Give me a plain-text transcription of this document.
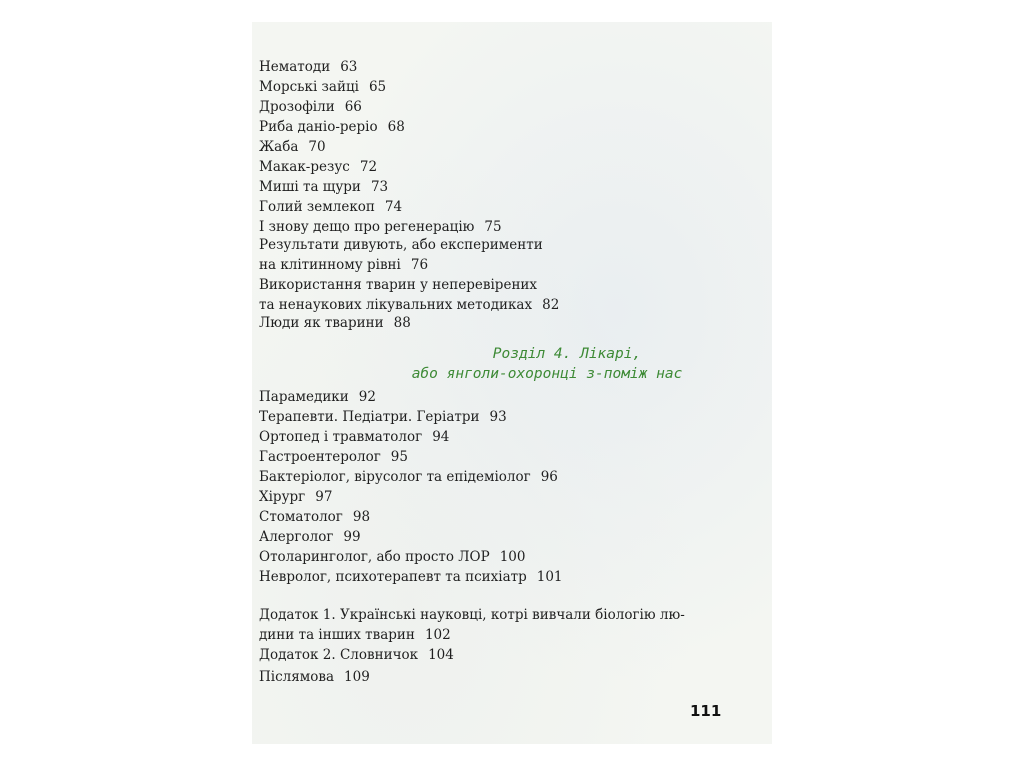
Нематоди 63
Морські зайці 65
Дрозофіли 66
Риба даніо-реріо 68
Жаба 70
Макак-резус 72
Миші та щури 73
Голий землекоп 74
І знову дещо про регенерацію 75
Результати дивують, або експерименти
на клітинному рівні 76
Використання тварин у неперевірених
та ненаукових лікувальних методиках 82
Люди як тварини 88
Розділ 4. Лікарі,
або янголи-охоронці з-поміж нас
Парамедики 92
Терапевти. Педіатри. Геріатри 93
Ортопед і травматолог 94
Гастроентеролог 95
Бактеріолог, вірусолог та епідеміолог 96
Хірург 97
Стоматолог 98
Алерголог 99
Отоларинголог, або просто ЛОР 100
Невролог, психотерапевт та психіатр 101
Додаток 1. Українські науковці, котрі вивчали біологію лю-
дини та інших тварин 102
Додаток 2. Словничок 104
Післямова 109
111
